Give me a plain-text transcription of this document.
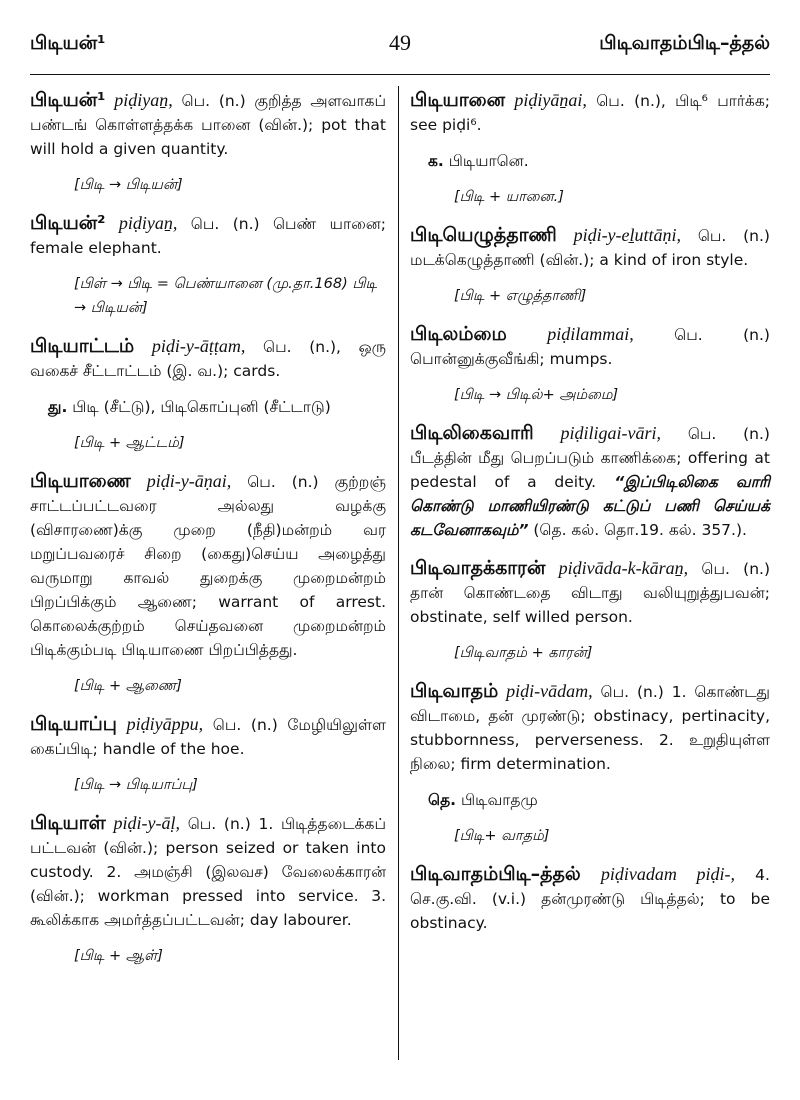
பிடியன்¹	49	பிடிவாதம்பிடி–த்தல்

பிடியன்¹ piḍiyaṉ, பெ. (n.) குறித்த அளவாகப் பண்டங் கொள்ளத்தக்க பானை (வின்.); pot that will hold a given quantity.

[பிடி → பிடியன்]

பிடியன்² piḍiyaṉ, பெ. (n.) பெண் யானை; female elephant.

[பிள் → பிடி = பெண்யானை (மு.தா.168) பிடி → பிடியன்]

பிடியாட்டம் piḍi-y-āṭṭam, பெ. (n.), ஒரு வகைச் சீட்டாட்டம் (இ. வ.); cards.

து. பிடி (சீட்டு), பிடிகொப்புனி (சீட்டாடு)
[பிடி + ஆட்டம்]

பிடியாணை piḍi-y-āṇai, பெ. (n.) குற்றஞ் சாட்டப்பட்டவரை அல்லது வழக்கு (விசாரணை)க்கு முறை (நீதி)மன்றம் வர மறுப்பவரைச் சிறை (கைது)செய்ய அழைத்து வருமாறு காவல் துறைக்கு முறைமன்றம் பிறப்பிக்கும் ஆணை; warrant of arrest. கொலைக்குற்றம் செய்தவனை முறைமன்றம் பிடிக்கும்படி பிடியாணை பிறப்பித்தது.

[பிடி + ஆணை]

பிடியாப்பு piḍiyāppu, பெ. (n.) மேழியிலுள்ள கைப்பிடி; handle of the hoe.

[பிடி → பிடியாப்பு]

பிடியாள் piḍi-y-āḷ, பெ. (n.) 1. பிடித்தடைக்கப் பட்டவன் (வின்.); person seized or taken into custody. 2. அமஞ்சி (இலவச) வேலைக்காரன் (வின்.); workman pressed into service. 3. கூலிக்காக அமர்த்தப்பட்டவன்; day labourer.

[பிடி + ஆள்]

பிடியானை piḍiyāṉai, பெ. (n.), பிடி⁶ பார்க்க; see piḍi⁶.

க. பிடியானெ.
[பிடி + யானை.]

பிடியெழுத்தாணி piḍi-y-eḻuttāṇi, பெ. (n.) மடக்கெழுத்தாணி (வின்.); a kind of iron style.

[பிடி + எழுத்தாணி]

பிடிலம்மை piḍilammai, பெ. (n.) பொன்னுக்குவீங்கி; mumps.

[பிடி → பிடில்+ அம்மை]

பிடிலிகைவாரி piḍiligai-vāri, பெ. (n.) பீடத்தின் மீது பெறப்படும் காணிக்கை; offering at pedestal of a deity. “இப்பிடிலிகை வாரி கொண்டு மாணியிரண்டு கட்டுப் பணி செய்யக் கடவேனாகவும்” (தெ. கல். தொ.19. கல். 357.).

பிடிவாதக்காரன் piḍivāda-k-kāraṉ, பெ. (n.) தான் கொண்டதை விடாது வலியுறுத்துபவன்; obstinate, self willed person.

[பிடிவாதம் + காரன்]

பிடிவாதம் piḍi-vādam, பெ. (n.) 1. கொண்டது விடாமை, தன் முரண்டு; obstinacy, pertinacity, stubbornness, perverseness. 2. உறுதியுள்ள நிலை; firm determination.

தெ. பிடிவாதமு
[பிடி+ வாதம்]

பிடிவாதம்பிடி–த்தல் piḍivadam piḍi-, 4. செ.கு.வி. (v.i.) தன்முரண்டு பிடித்தல்; to be obstinacy.
